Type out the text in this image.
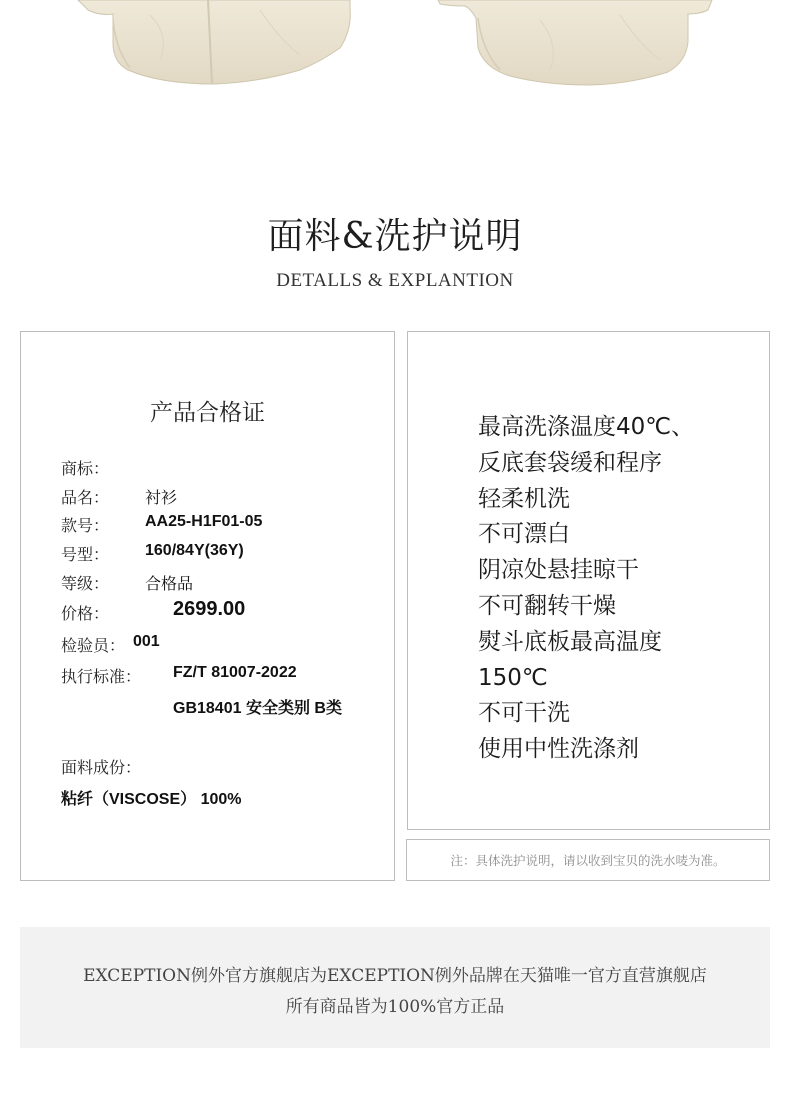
面料&洗护说明
DETALLS & EXPLANTION
产品合格证
商标：
品名： 衬衫
款号： AA25-H1F01-05
号型： 160/84Y(36Y)
等级： 合格品
价格：	2699.00
检验员： 001
执行标准： FZ/T 81007-2022
GB18401 安全类别 B类
面料成份：
粘纤（VISCOSE） 100%
最高洗涤温度40℃、
反底套袋缓和程序
轻柔机洗
不可漂白
阴凉处悬挂晾干
不可翻转干燥
熨斗底板最高温度
150℃
不可干洗
使用中性洗涤剂
注：具体洗护说明，请以收到宝贝的洗水唛为准。
EXCEPTION例外官方旗舰店为EXCEPTION例外品牌在天猫唯一官方直营旗舰店
所有商品皆为100%官方正品
